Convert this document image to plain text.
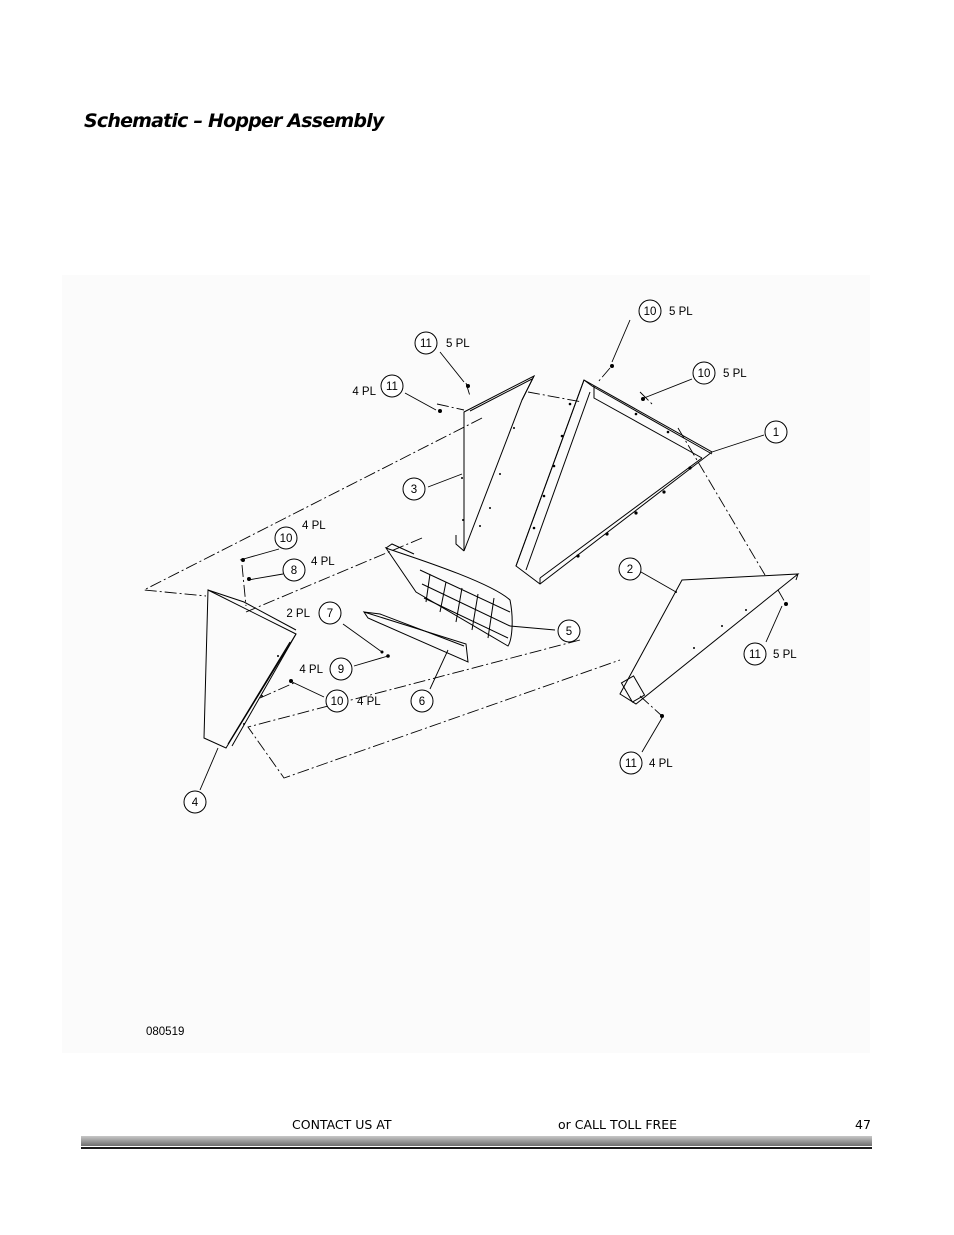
Schematic – Hopper Assembly
10 5 PL
11 5 PL
11
4 PL
10 5 PL
1
3
10
4 PL
8
4 PL
7
2 PL
9
4 PL
10 4 PL	6
5
2
11 5 PL
11 4 PL
4
080519
CONTACT US AT	or CALL TOLL FREE	47
